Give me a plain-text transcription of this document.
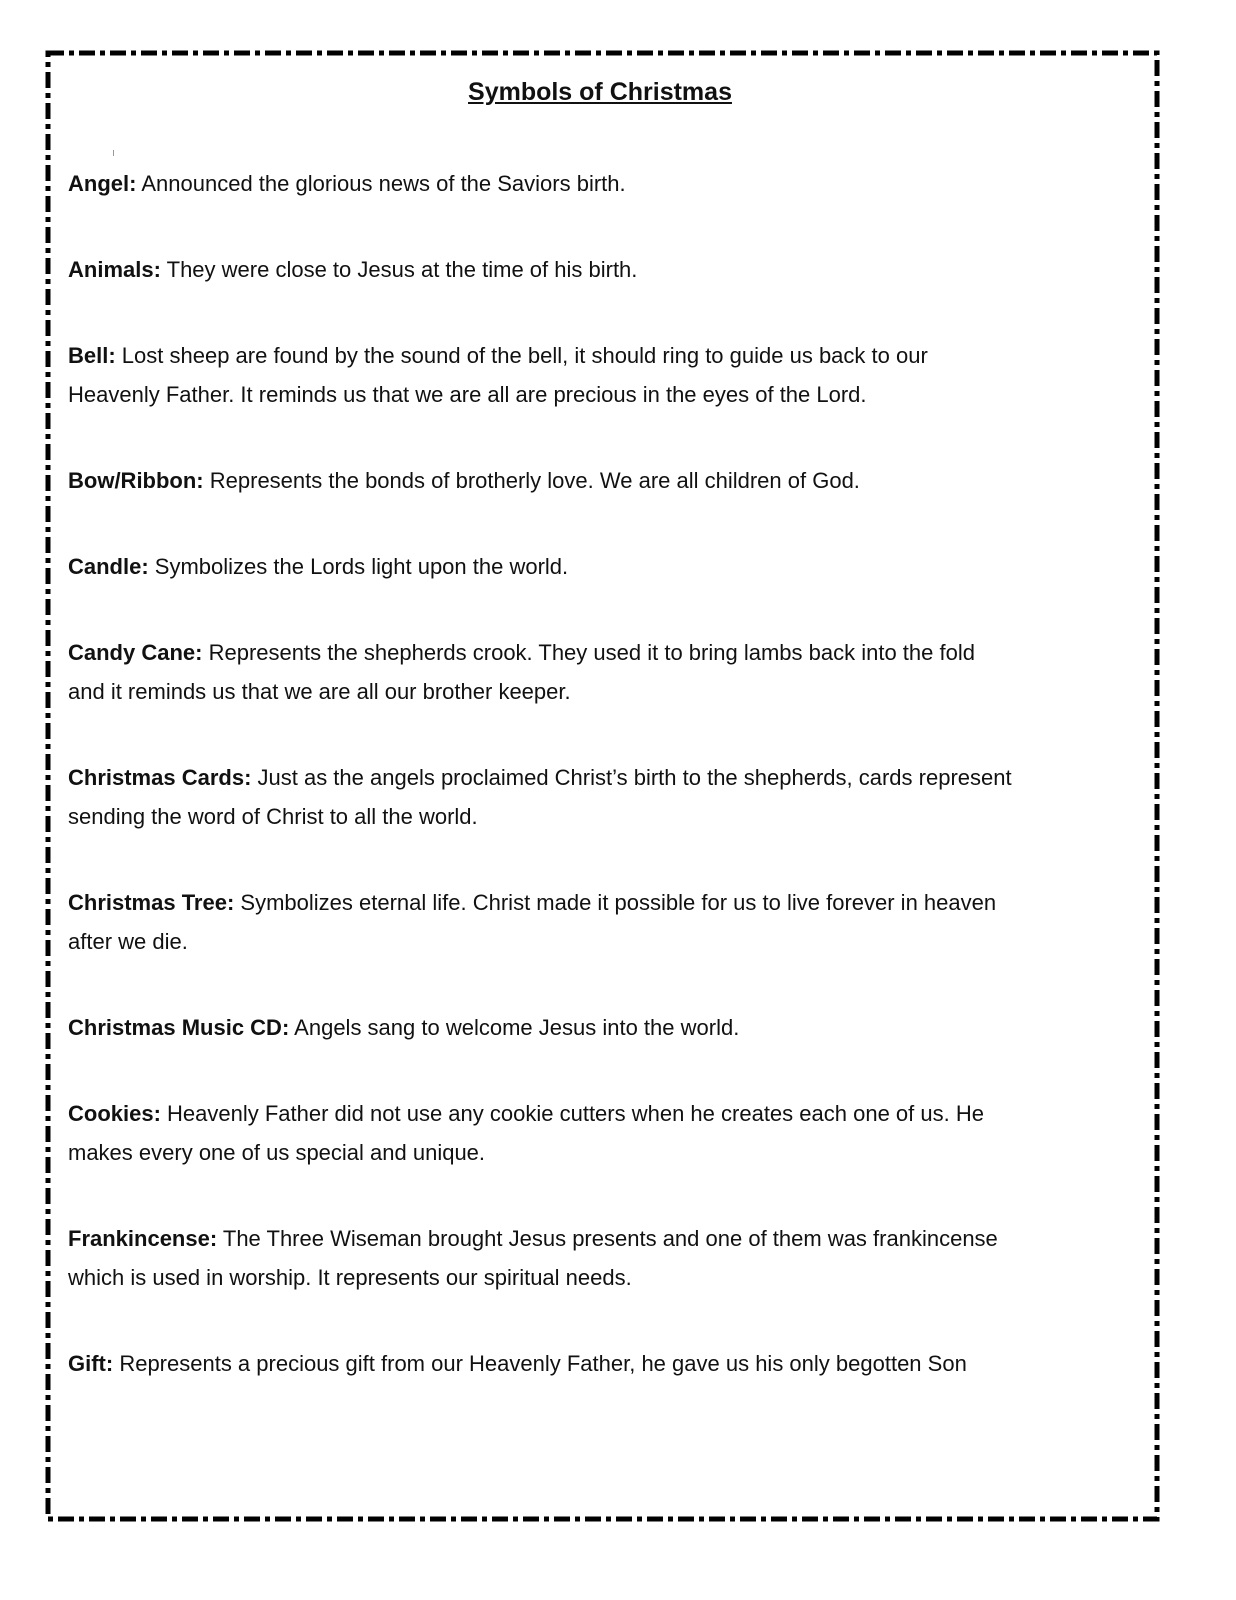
Symbols of Christmas
Angel: Announced the glorious news of the Saviors birth.
Animals: They were close to Jesus at the time of his birth.
Bell: Lost sheep are found by the sound of the bell, it should ring to guide us back to our
Heavenly Father. It reminds us that we are all are precious in the eyes of the Lord.
Bow/Ribbon: Represents the bonds of brotherly love. We are all children of God.
Candle: Symbolizes the Lords light upon the world.
Candy Cane: Represents the shepherds crook. They used it to bring lambs back into the fold
and it reminds us that we are all our brother keeper.
Christmas Cards: Just as the angels proclaimed Christ’s birth to the shepherds, cards represent
sending the word of Christ to all the world.
Christmas Tree: Symbolizes eternal life. Christ made it possible for us to live forever in heaven
after we die.
Christmas Music CD: Angels sang to welcome Jesus into the world.
Cookies: Heavenly Father did not use any cookie cutters when he creates each one of us. He
makes every one of us special and unique.
Frankincense: The Three Wiseman brought Jesus presents and one of them was frankincense
which is used in worship. It represents our spiritual needs.
Gift: Represents a precious gift from our Heavenly Father, he gave us his only begotten Son
